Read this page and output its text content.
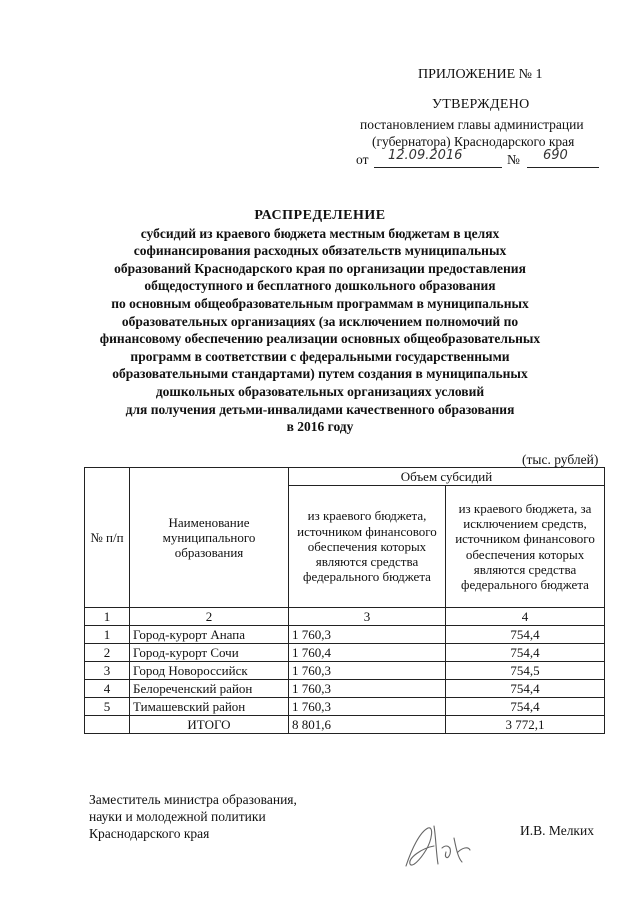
ПРИЛОЖЕНИЕ № 1
УТВЕРЖДЕНО
постановлением главы администрации
(губернатора) Краснодарского края
от 12.09.2016	№ 690
РАСПРЕДЕЛЕНИЕ
субсидий из краевого бюджета местным бюджетам в целях
софинансирования расходных обязательств муниципальных
образований Краснодарского края по организации предоставления
общедоступного и бесплатного дошкольного образования
по основным общеобразовательным программам в муниципальных
образовательных организациях (за исключением полномочий по
финансовому обеспечению реализации основных общеобразовательных
программ в соответствии с федеральными государственными
образовательными стандартами) путем создания в муниципальных
дошкольных образовательных организациях условий
для получения детьми-инвалидами качественного образования
в 2016 году
(тыс. рублей)
№ п/п	Наименование муниципального образования	Объем субсидий	
		из краевого бюджета, источником финансового обеспечения которых являются средства федерального бюджета	из краевого бюджета, за исключением средств, источником финансового обеспечения которых являются средства федерального бюджета
1	2	3	4
1	Город-курорт Анапа	1 760,3	754,4
2	Город-курорт Сочи	1 760,4	754,4
3	Город Новороссийск	1 760,3	754,5
4	Белореченский район	1 760,3	754,4
5	Тимашевский район	1 760,3	754,4
	ИТОГО	8 801,6	3 772,1
Заместитель министра образования,
науки и молодежной политики
Краснодарского края	И.В. Мелких
